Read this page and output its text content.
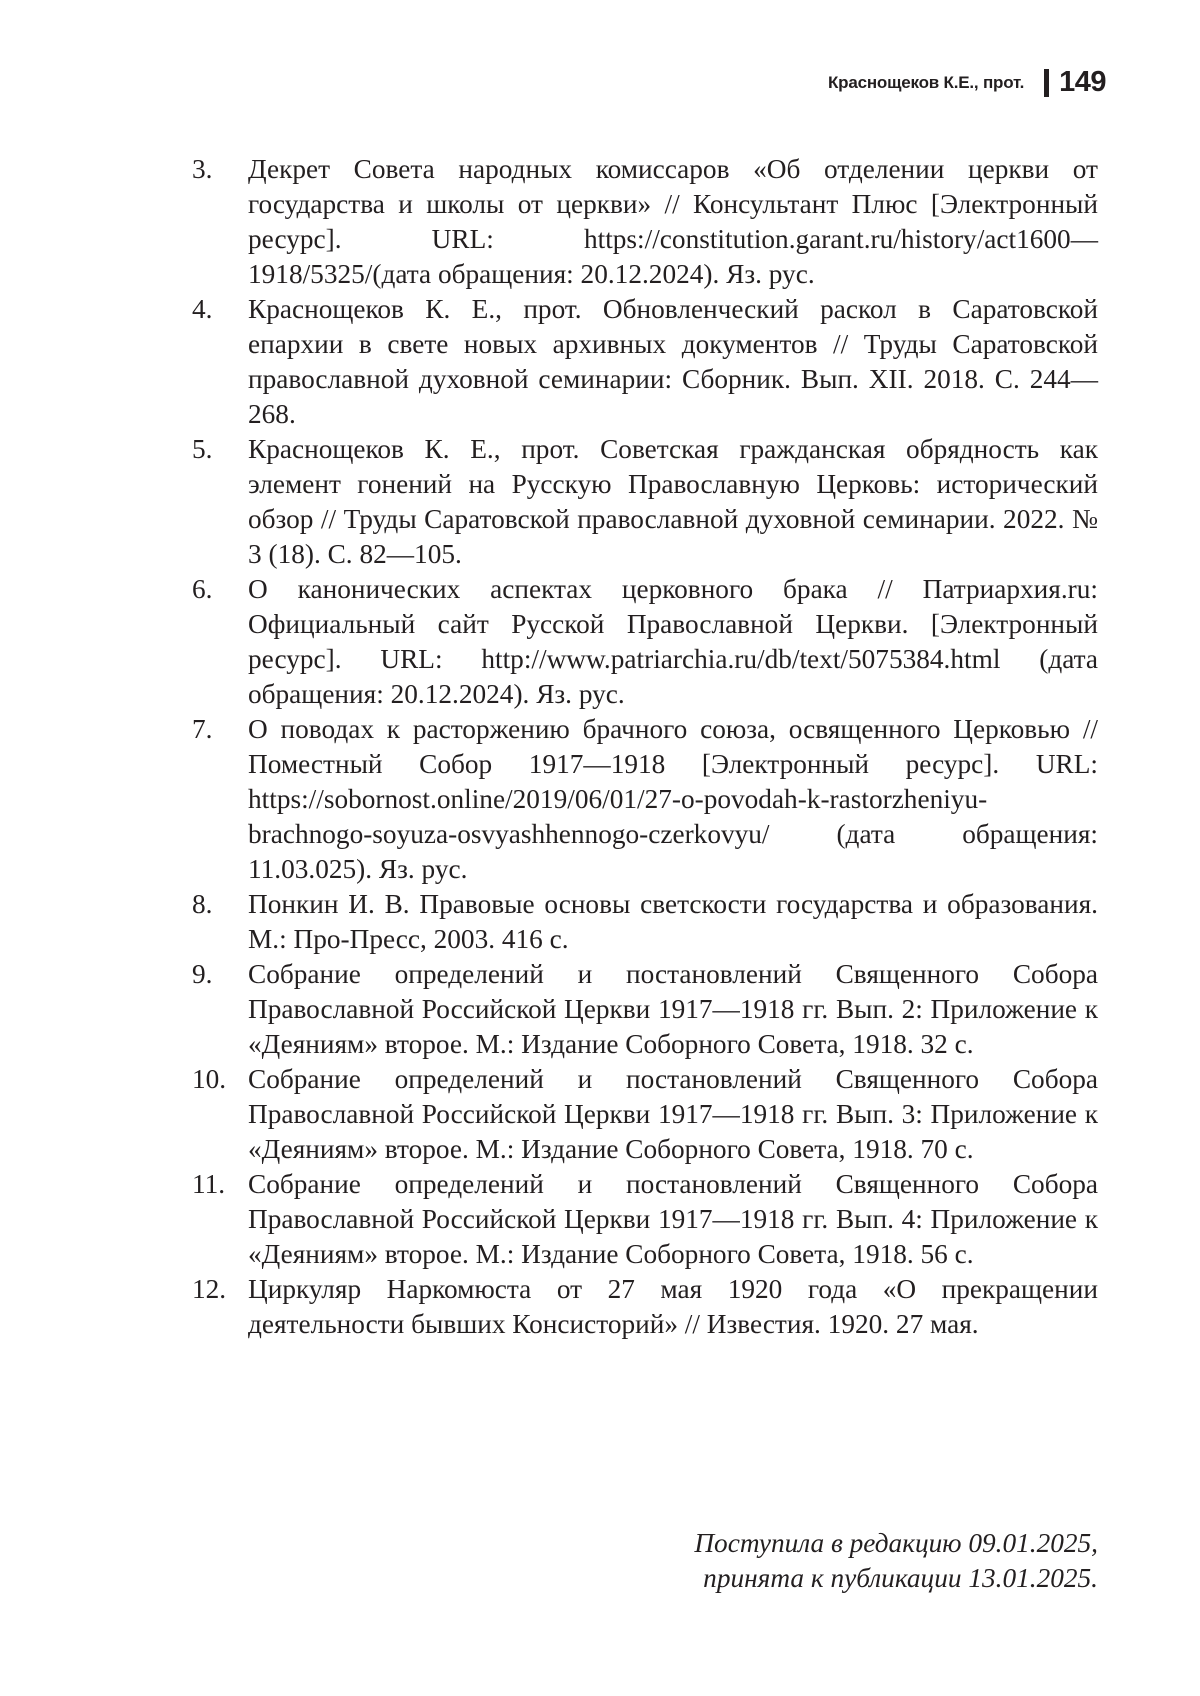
Краснощеков К.Е., прот. 149
3.	Декрет Совета народных комиссаров «Об отделении церкви от государства и школы от церкви» // Консультант Плюс [Электронный ресурс]. URL: https://constitution.garant.​ru/history/act1600—1918/5325/(дата обращения: 20.12.2024). Яз. рус.
4.	Краснощеков К. Е., прот. Обновленческий раскол в Саратовской епархии в свете новых архивных документов // Труды Саратовской православной духовной семинарии: Сборник. Вып. XII. 2018. С. 244—268.
5.	Краснощеков К. Е., прот. Советская гражданская обрядность как элемент гонений на Русскую Православную Церковь: исторический обзор // Труды Саратовской православной духовной семинарии. 2022. № 3 (18). С. 82—105.
6.	О канонических аспектах церковного брака // Патриархия.ru: Официальный сайт Русской Православной Церкви. [Электронный ресурс]. URL: http://www.patriarchia.ru/db/text/5075384.​html (дата обращения: 20.12.2024). Яз. рус.
7.	О поводах к расторжению брачного союза, освященного Церковью // Поместный Собор 1917—1918 [Электронный ресурс]. URL: https://sobornost.online/2019/06/01/27-o-povodah-​k-rastorzheniyu-brachnogo-soyuza-osvyashhennogo-czerkovyu/ (дата обращения: 11.03.025). Яз. рус.
8.	Понкин И. В. Правовые основы светскости государства и образования. М.: Про-Пресс, 2003. 416 с.
9.	Собрание определений и постановлений Священного Собора Православной Российской Церкви 1917—1918 гг. Вып. 2: Приложение к «Деяниям» второе. М.: Издание Соборного Совета, 1918. 32 с.
10. Собрание определений и постановлений Священного Собора Православной Российской Церкви 1917—1918 гг. Вып. 3: Приложение к «Деяниям» второе. М.: Издание Соборного Совета, 1918. 70 с.
11. Собрание определений и постановлений Священного Собора Православной Российской Церкви 1917—1918 гг. Вып. 4: Приложение к «Деяниям» второе. М.: Издание Соборного Совета, 1918. 56 с.
12. Циркуляр Наркомюста от 27 мая 1920 года «О прекращении деятельности бывших Консисторий» // Известия. 1920. 27 мая.
Поступила в редакцию 09.01.2025,
принята к публикации 13.01.2025.
